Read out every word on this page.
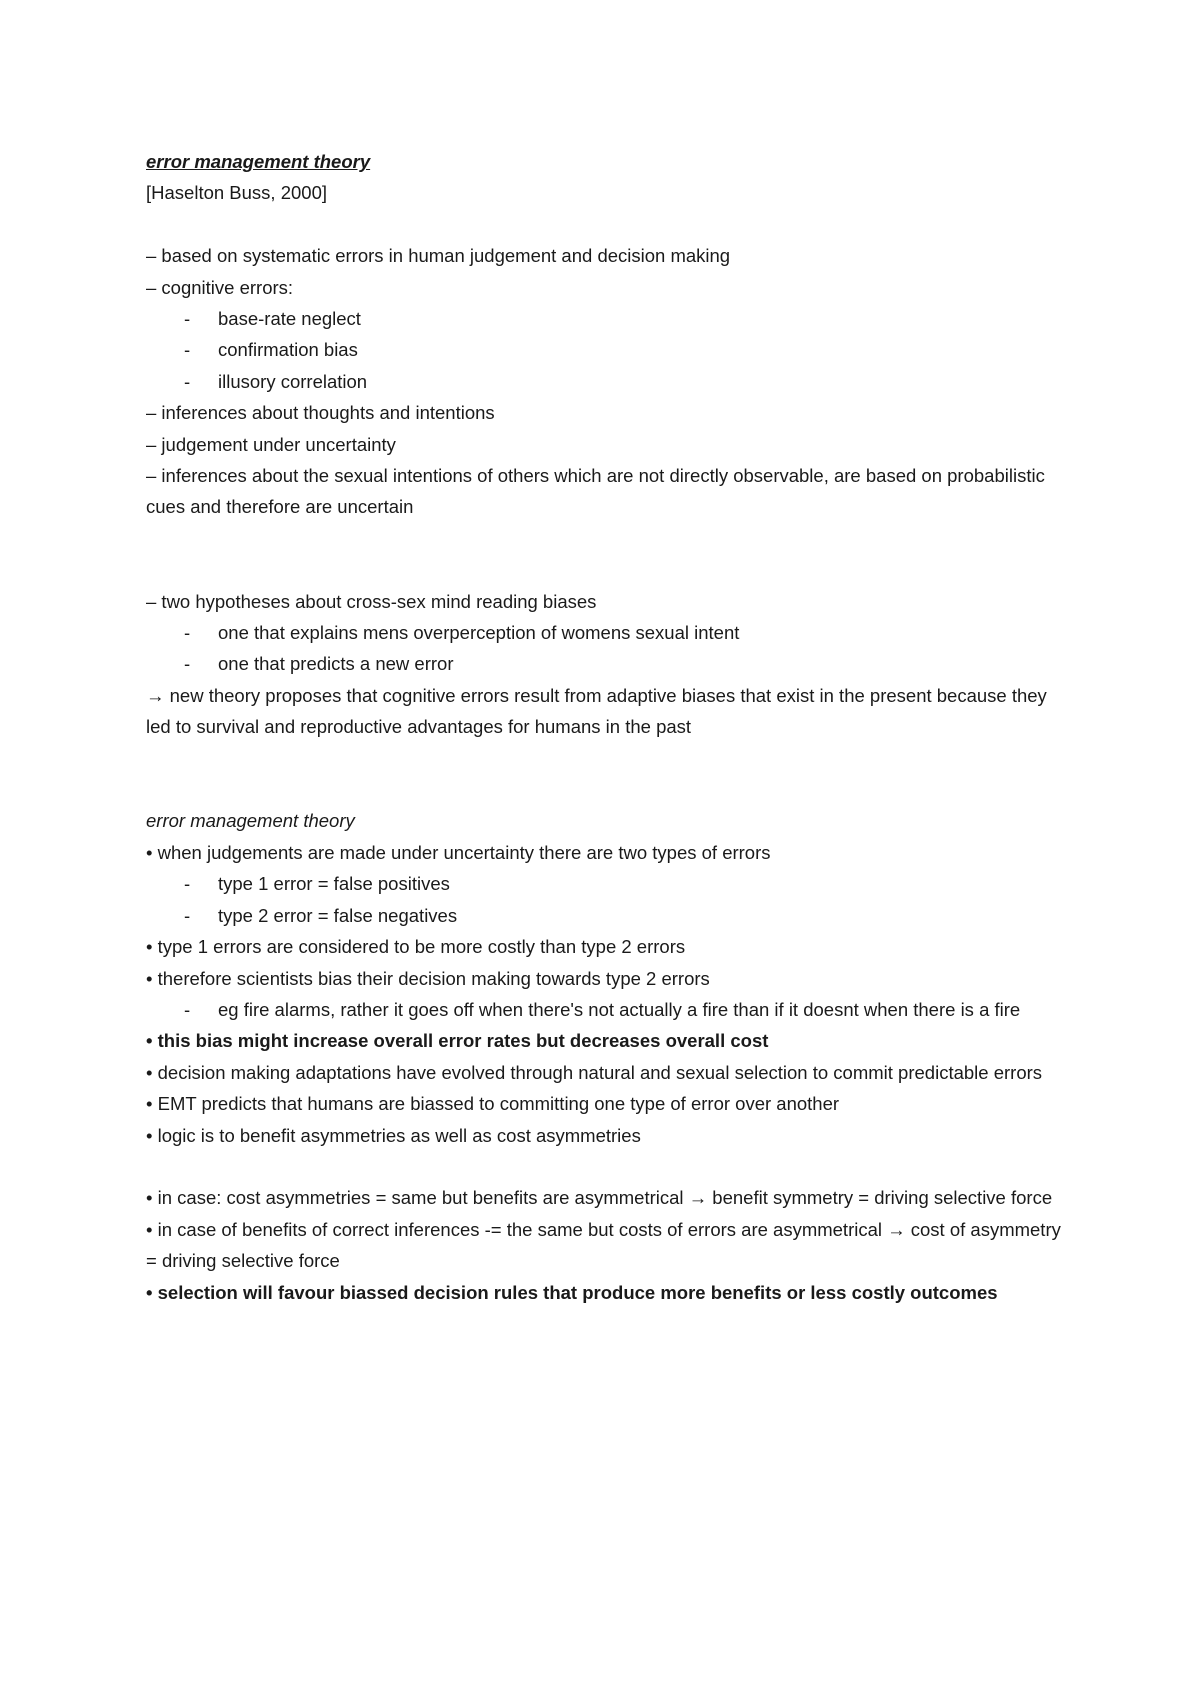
error management theory
[Haselton Buss, 2000]
– based on systematic errors in human judgement and decision making
– cognitive errors:
- base-rate neglect
- confirmation bias
- illusory correlation
– inferences about thoughts and intentions
– judgement under uncertainty
– inferences about the sexual intentions of others which are not directly observable, are based on probabilistic cues and therefore are uncertain
– two hypotheses about cross-sex mind reading biases
- one that explains mens overperception of womens sexual intent
- one that predicts a new error
→ new theory proposes that cognitive errors result from adaptive biases that exist in the present because they led to survival and reproductive advantages for humans in the past
error management theory
• when judgements are made under uncertainty there are two types of errors
- type 1 error = false positives
- type 2 error = false negatives
• type 1 errors are considered to be more costly than type 2 errors
• therefore scientists bias their decision making towards type 2 errors
- eg fire alarms, rather it goes off when there's not actually a fire than if it doesnt when there is a fire
• this bias might increase overall error rates but decreases overall cost
• decision making adaptations have evolved through natural and sexual selection to commit predictable errors
• EMT predicts that humans are biassed to committing one type of error over another
• logic is to benefit asymmetries as well as cost asymmetries
• in case: cost asymmetries = same but benefits are asymmetrical → benefit symmetry = driving selective force
• in case of benefits of correct inferences -= the same but costs of errors are asymmetrical → cost of asymmetry = driving selective force
• selection will favour biassed decision rules that produce more benefits or less costly outcomes
